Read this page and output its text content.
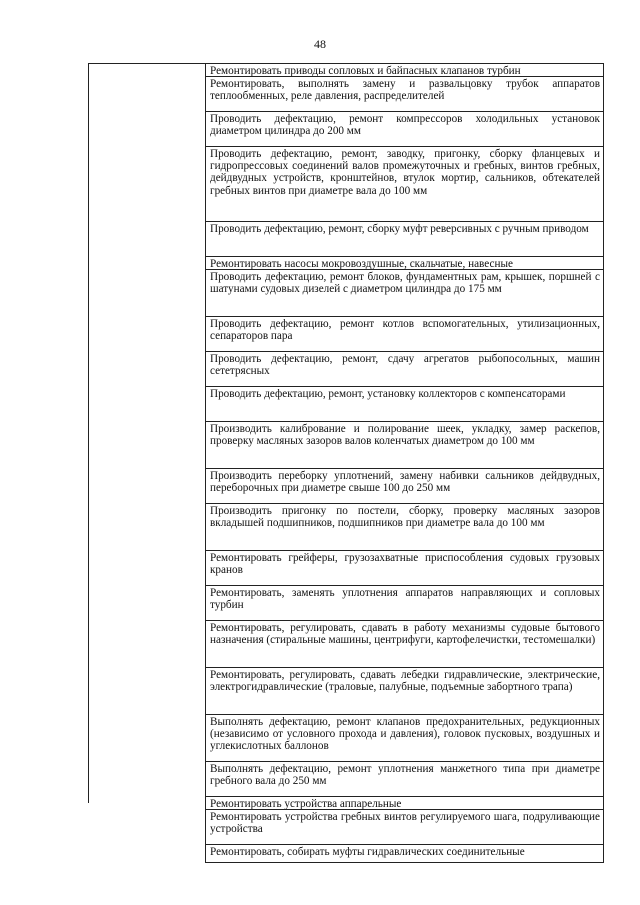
48
Ремонтировать приводы сопловых и байпасных клапанов турбин
Ремонтировать, выполнять замену и развальцовку трубок аппаратов теплообменных, реле давления, распределителей
Проводить дефектацию, ремонт компрессоров холодильных установок диаметром цилиндра до 200 мм
Проводить дефектацию, ремонт, заводку, пригонку, сборку фланцевых и гидропрессовых соединений валов промежуточных и гребных, винтов гребных, дейдвудных устройств, кронштейнов, втулок мортир, сальников, обтекателей гребных винтов при диаметре вала до 100 мм
Проводить дефектацию, ремонт, сборку муфт реверсивных с ручным приводом
Ремонтировать насосы мокровоздушные, скальчатые, навесные
Проводить дефектацию, ремонт блоков, фундаментных рам, крышек, поршней с шатунами судовых дизелей с диаметром цилиндра до 175 мм
Проводить дефектацию, ремонт котлов вспомогательных, утилизационных, сепараторов пара
Проводить дефектацию, ремонт, сдачу агрегатов рыбопосольных, машин сететрясных
Проводить дефектацию, ремонт, установку коллекторов с компенсаторами
Производить калибрование и полирование шеек, укладку, замер раскепов, проверку масляных зазоров валов коленчатых диаметром до 100 мм
Производить переборку уплотнений, замену набивки сальников дейдвудных, переборочных при диаметре свыше 100 до 250 мм
Производить пригонку по постели, сборку, проверку масляных зазоров вкладышей подшипников, подшипников при диаметре вала до 100 мм
Ремонтировать грейферы, грузозахватные приспособления судовых грузовых кранов
Ремонтировать, заменять уплотнения аппаратов направляющих и сопловых турбин
Ремонтировать, регулировать, сдавать в работу механизмы судовые бытового назначения (стиральные машины, центрифуги, картофелечистки, тестомешалки)
Ремонтировать, регулировать, сдавать лебедки гидравлические, электрические, электрогидравлические (траловые, палубные, подъемные забортного трапа)
Выполнять дефектацию, ремонт клапанов предохранительных, редукционных (независимо от условного прохода и давления), головок пусковых, воздушных и углекислотных баллонов
Выполнять дефектацию, ремонт уплотнения манжетного типа при диаметре гребного вала до 250 мм
Ремонтировать устройства аппарельные
Ремонтировать устройства гребных винтов регулируемого шага, подруливающие устройства
Ремонтировать, собирать муфты гидравлических соединительные
